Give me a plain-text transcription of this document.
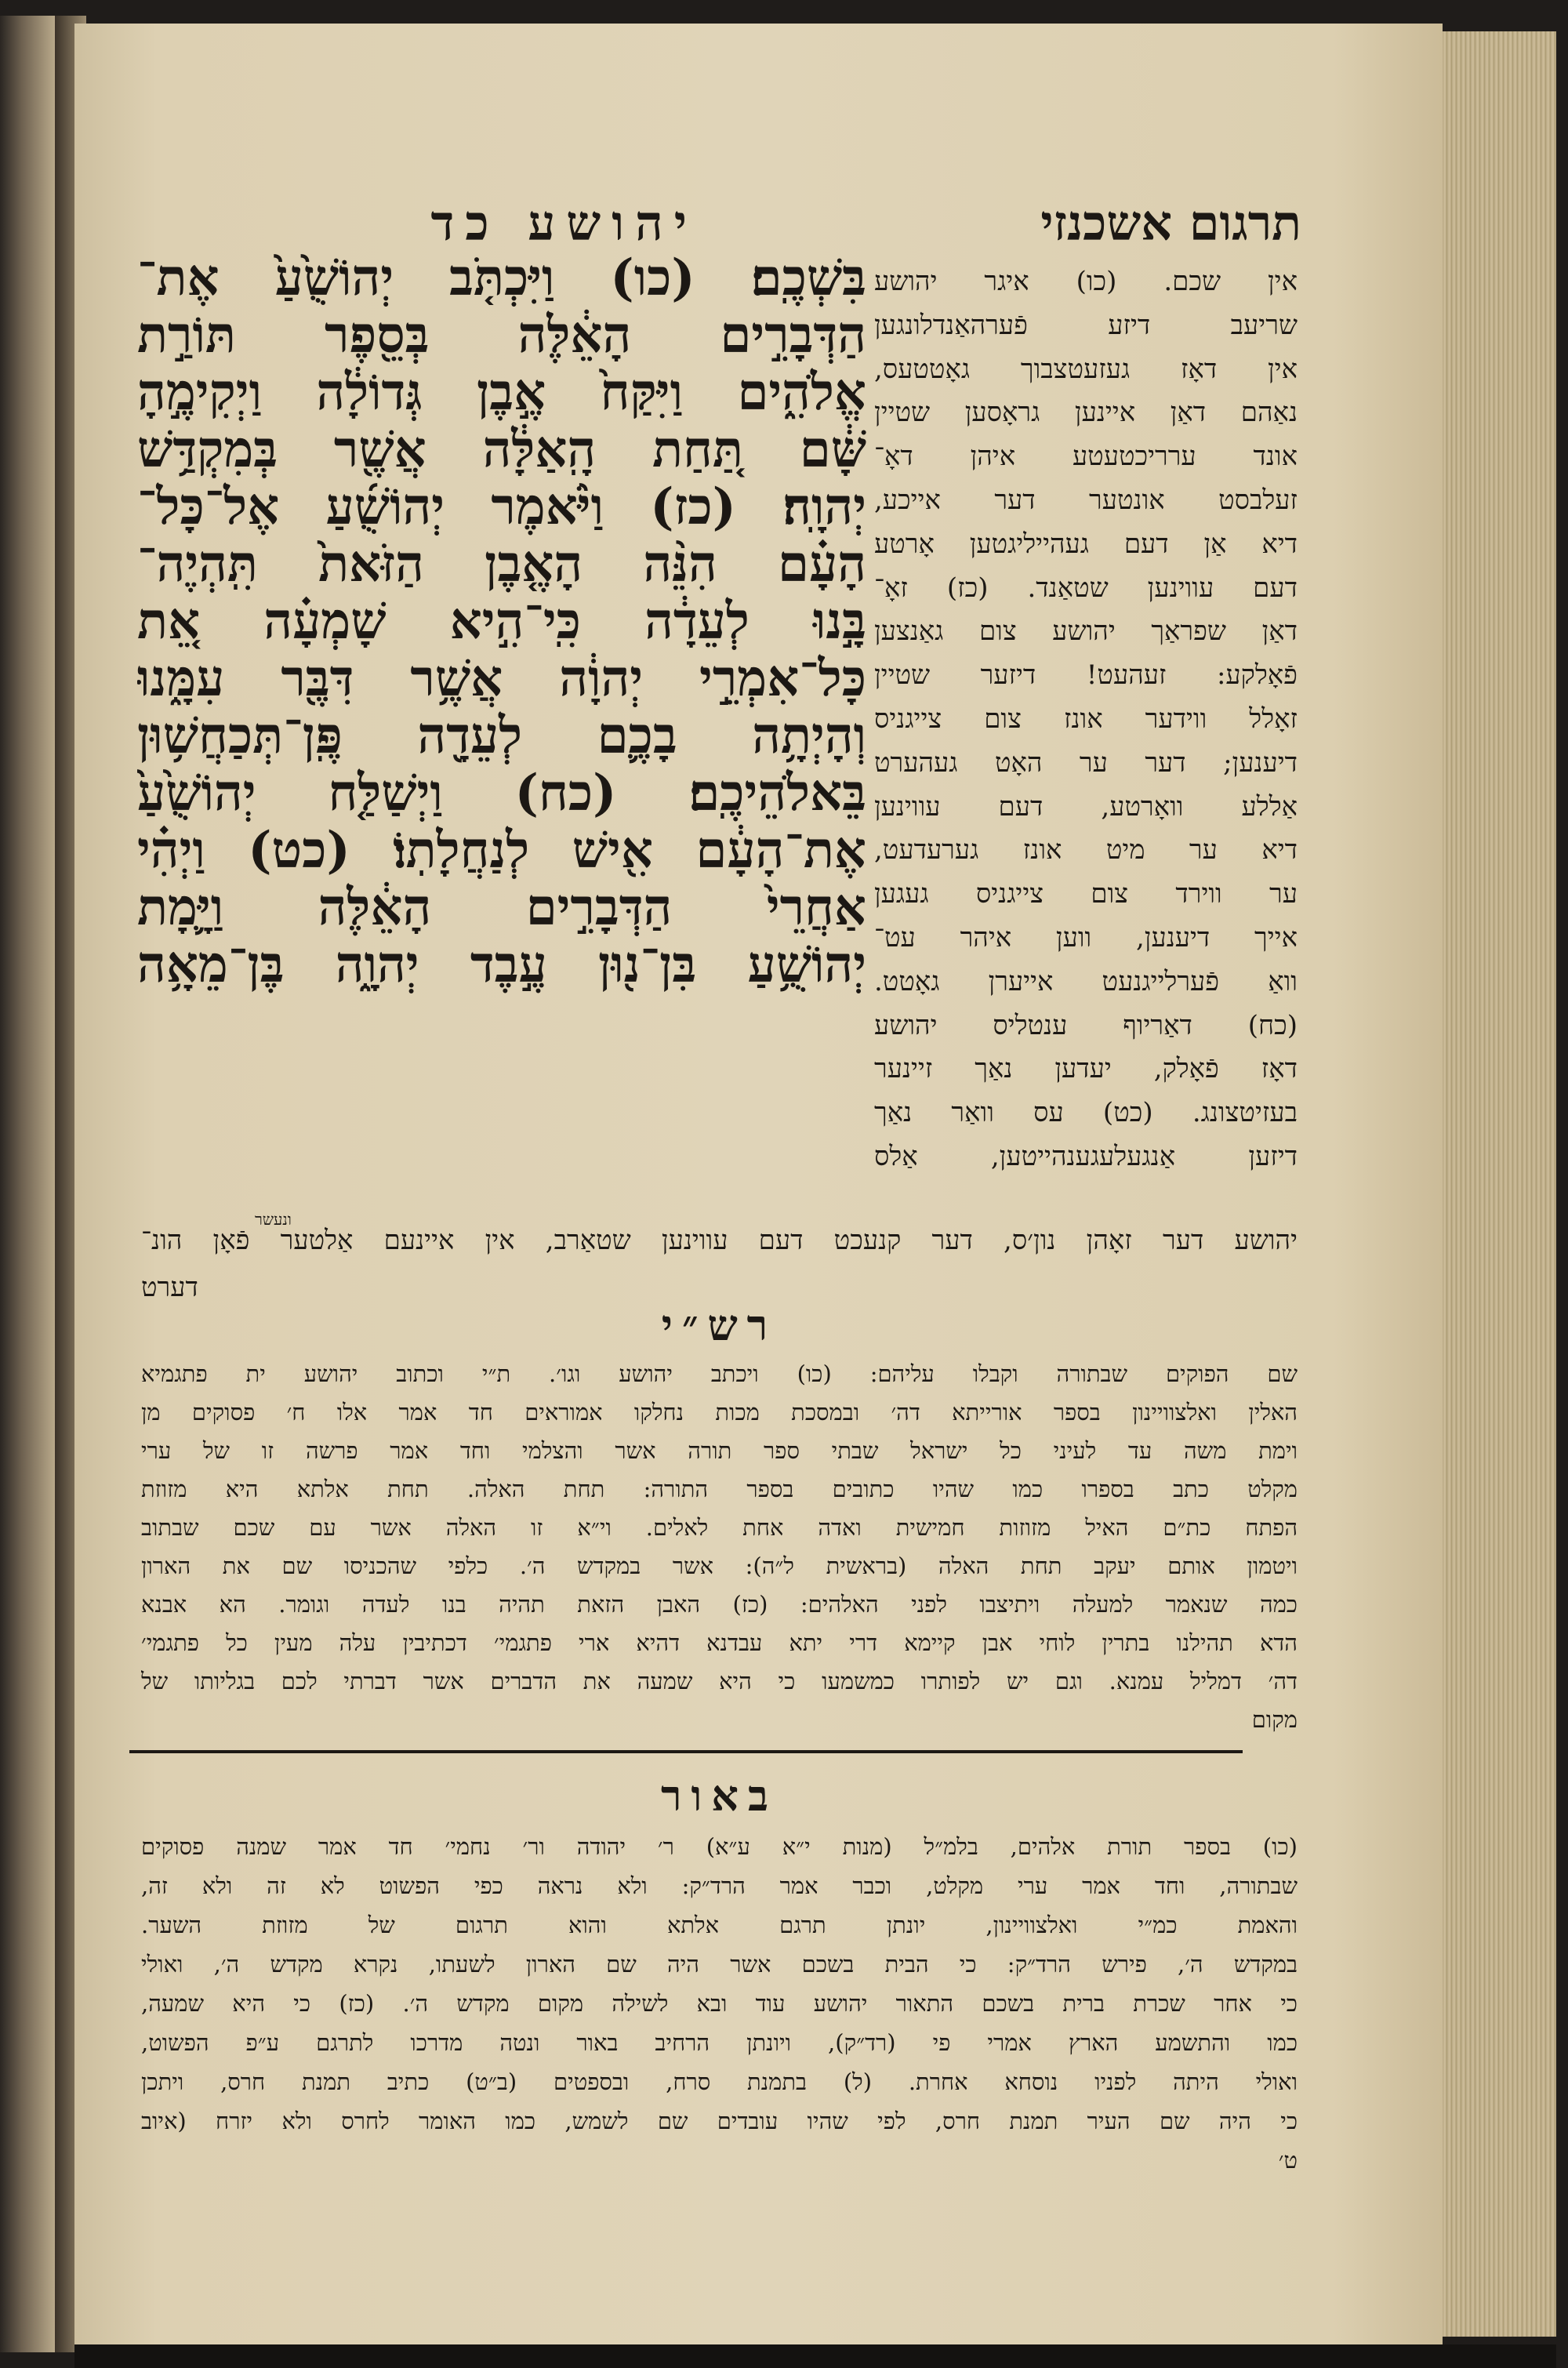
תרגום אשכנזי
יהושע כד
בִּשְׁכֶֽם׃ (כו) וַיִּכְתֹּ֤ב יְהוֹשֻׁ֙עַ֙ אֶת־
הַדְּבָרִ֣ים הָאֵ֔לֶּה בְּסֵ֖פֶר תּוֹרַ֣ת
אֱלֹהִ֑ים וַיִּקַּח֙ אֶ֣בֶן גְּדוֹלָ֔ה וַיְקִימֶ֣הָ
שָּׁ֔ם תַּ֚חַת הָֽאַלָּ֔ה אֲשֶׁ֖ר בְּמִקְדַּ֥שׁ
יְהוָֽה׃ (כז) וַיֹּ֨אמֶר יְהוֹשֻׁ֜עַ אֶל־כָּל־
הָעָ֗ם הִנֵּ֨ה הָאֶ֤בֶן הַזֹּאת֙ תִּֽהְיֶה־
בָּ֣נוּ לְעֵדָ֔ה כִּֽי־הִ֣יא שָׁמְעָ֗ה אֵ֚ת
כָּל־אִמְרֵ֣י יְהוָ֔ה אֲשֶׁ֥ר דִּבֶּ֖ר עִמָּ֑נוּ
וְהָיְתָ֥ה בָכֶ֛ם לְעֵדָ֖ה פֶּֽן־תְּכַחֲשׁ֥וּן
בֵּאלֹהֵיכֶֽם׃ (כח) וַיְשַׁלַּ֤ח יְהוֹשֻׁ֙עַ֙
אֶת־הָעָ֔ם אִ֖ישׁ לְנַחֲלָתֽוֹ׃ (כט) וַיְהִ֗י
אַחֲרֵי֙ הַדְּבָרִ֣ים הָאֵ֔לֶּה וַיָּ֛מָת
יְהוֹשֻׁ֥עַ בִּן־נ֖וּן עֶ֣בֶד יְהוָ֑ה בֶּן־מֵאָ֥ה
אין שכם. (כו) איגר יהושע
שריעב דיזע פֿערהאַנדלונגען
אין דאָז געזעטצבוך גאָטטעס,
נאַהם דאַן איינען גראָסען שטיין
אונד עררי͏כטעטע איהן דאָ־
זעלבסט אונטער דער אייכע,
דיא אַן דעם געהייליגטען אָרטע
דעם עווינען שטאַנד. (כז) זאָ־
דאַן שפראַך יהושע צום גאַנצען
פֿאָלקע: זעהעט! דיזער שטיין
זאָלל ווידער אונז צום צייגניס
דיענען; דער ער האָט געהערט
אַללע וואָרטע, דעם עווינען
דיא ער מיט אונז גערעדעט,
ער ווירד צום צייגניס געגען
אייך דיענען, ווען איהר עט־
וואַ פֿערלייגנעט אייערן גאָטט.
(כח) דאַריוף ענטליס יהושע
דאָז פֿאָלק, יעדען נאַך זיינער
בעזיטצונג. (כט) עס וואַר נאַך
דיזען אַנגעלעגענהייטען, אַלס
ונעשר
יהושע דער זאָהן נון׳ס, דער קנעכט דעם עווינען שטאַרב, אין איינעם אַלטער פֿאָן הונ־
דערט
רש״י
שם הפוקים שבתורה וקבלו עליהם: (כו) ויכתב יהושע וגו׳. ת״י וכתוב יהושע ית פתגמיא
האלין ואלצוויינון בספר אורייתא דה׳ ובמסכת מכות נחלקו אמוראים חד אמר אלו ח׳ פסוקים מן
וימת משה עד לעיני כל ישראל שבתי ספר תורה אשר והצלמי וחד אמר פרשה זו של ערי
מקלט כתב בספרו כמו שהיו כתובים בספר התורה: תחת האלה. תחת אלתא היא מזוזת
הפתח כת״ם האיל מזוזות חמישית ואדה אחת לאלים. וי״א זו האלה אשר עם שכם שבתוב
ויטמון אותם יעקב תחת האלה (בראשית ל״ה): אשר במקדש ה׳. כלפי שהכניסו שם את הארון
כמה שנאמר למעלה ויתיצבו לפני האלהים: (כז) האבן הזאת תהיה בנו לעדה וגומר. הא אבנא
הדא תהילנו בתרין לוחי אבן קיימא דרי יתא עבדנא דהיא ארי פתגמי׳ דכתיבין עלה מעין כל פתגמי׳
דה׳ דמליל עמנא. וגם יש לפותרו כמשמעו כי היא שמעה את הדברים אשר דברתי לכם בגליותו של
מקום
באור
(כו) בספר תורת אלהים, בלמ״ל (מנות י״א ע״א) ר׳ יהודה ור׳ נחמי׳ חד אמר שמנה פסוקים
שבתורה, וחד אמר ערי מקלט, וכבר אמר הרד״ק: ולא נראה כפי הפשוט לא זה ולא זה,
והאמת כמ״י ואלצוויינון, יונתן תרגם אלתא והוא תרגום של מזוזת השער.
במקדש ה׳, פירש הרד״ק: כי הבית בשכם אשר היה שם הארון לשעתו, נקרא מקדש ה׳, ואולי
כי אחר שכרת ברית בשכם התאור יהושע עוד ובא לשילה מקום מקדש ה׳. (כז) כי היא שמעה,
כמו והתשמע הארץ אמרי פי (רד״ק), ויונתן הרחיב באור ונטה מדרכו לתרגם ע״פ הפשוט,
ואולי היתה לפניו נוסחא אחרת. (ל) בתמנת סרח, ובספטים (ב״ט) כתיב תמנת חרס, ויתכן
כי היה שם העיר תמנת חרס, לפי שהיו עובדים שם לשמש, כמו האומר לחרס ולא יזרח (איוב
ט׳
